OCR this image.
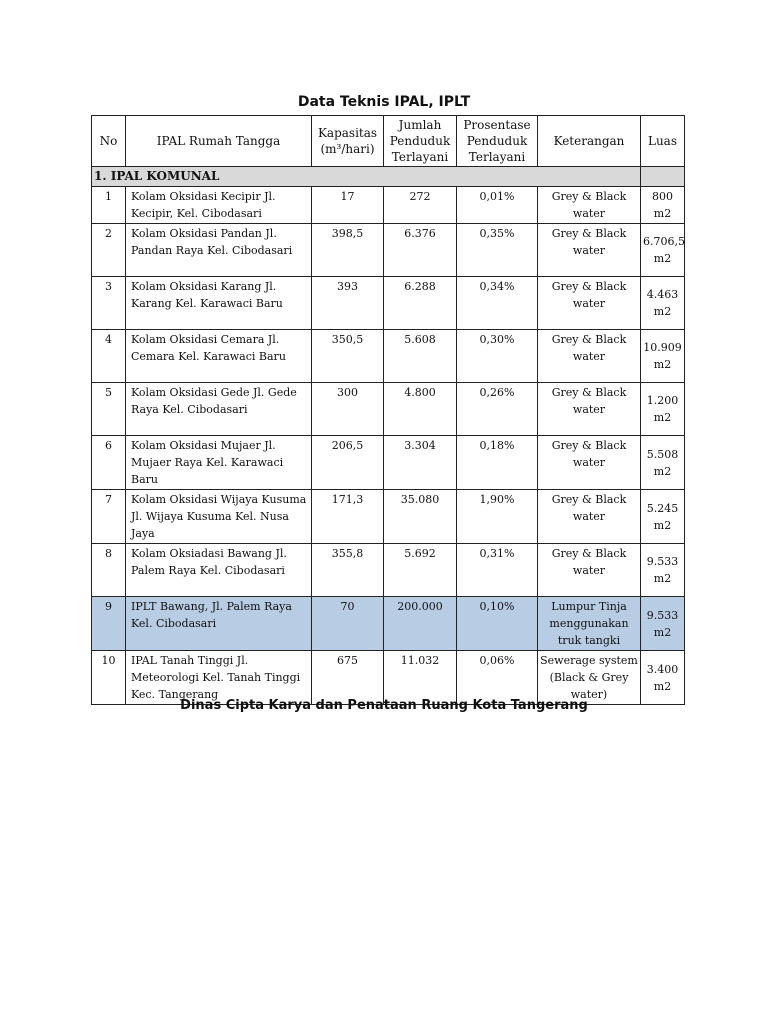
Data Teknis IPAL, IPLT
No	IPAL Rumah Tangga	Kapasitas (m³/hari)	Jumlah Penduduk Terlayani	Prosentase Penduduk Terlayani	Keterangan	Luas
1. IPAL KOMUNAL						
1	Kolam Oksidasi Kecipir Jl. Kecipir, Kel. Cibodasari	17	272	0,01%	Grey & Black water	800 m2
2	Kolam Oksidasi Pandan Jl. Pandan Raya Kel. Cibodasari	398,5	6.376	0,35%	Grey & Black water	6.706,5 m2
3	Kolam Oksidasi Karang Jl. Karang Kel. Karawaci Baru	393	6.288	0,34%	Grey & Black water	4.463 m2
4	Kolam Oksidasi Cemara Jl. Cemara Kel. Karawaci Baru	350,5	5.608	0,30%	Grey & Black water	10.909 m2
5	Kolam Oksidasi Gede Jl. Gede Raya Kel. Cibodasari	300	4.800	0,26%	Grey & Black water	1.200 m2
6	Kolam Oksidasi Mujaer Jl. Mujaer Raya Kel. Karawaci Baru	206,5	3.304	0,18%	Grey & Black water	5.508 m2
7	Kolam Oksidasi Wijaya Kusuma Jl. Wijaya Kusuma Kel. Nusa Jaya	171,3	35.080	1,90%	Grey & Black water	5.245 m2
8	Kolam Oksiadasi Bawang Jl. Palem Raya Kel. Cibodasari	355,8	5.692	0,31%	Grey & Black water	9.533 m2
9	IPLT Bawang, Jl. Palem Raya Kel. Cibodasari	70	200.000	0,10%	Lumpur Tinja menggunakan truk tangki	9.533 m2
10	IPAL Tanah Tinggi Jl. Meteorologi Kel. Tanah Tinggi Kec. Tangerang	675	11.032	0,06%	Sewerage system (Black & Grey water)	3.400 m2
Dinas Cipta Karya dan Penataan Ruang Kota Tangerang
